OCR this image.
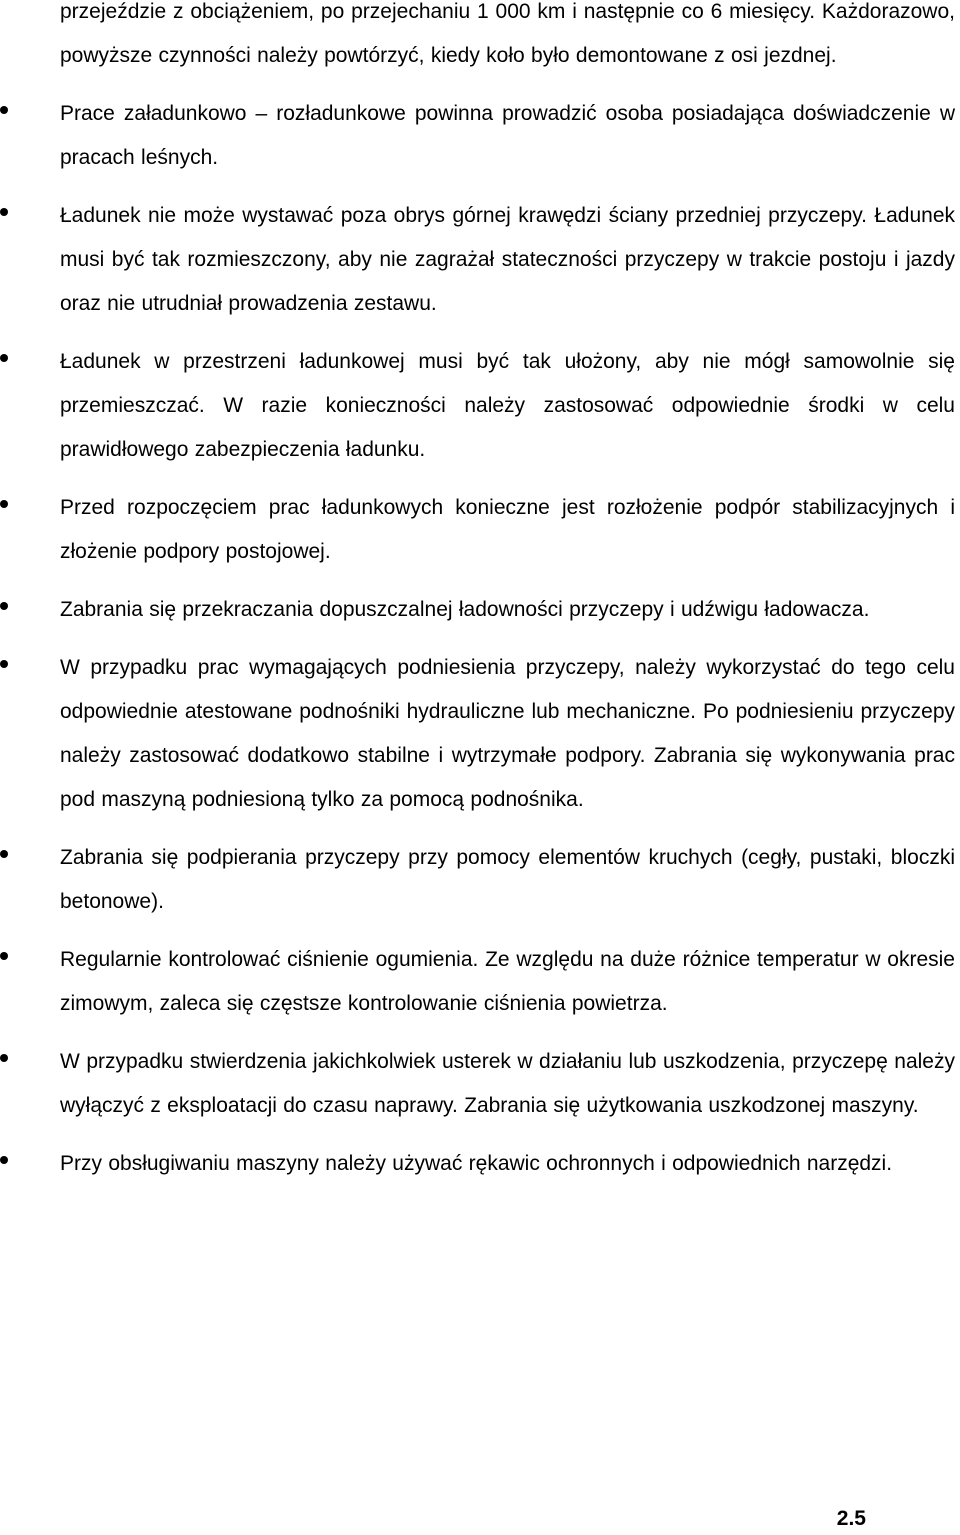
przejeździe z obciążeniem, po przejechaniu 1 000 km i następnie co 6 miesięcy. Każdorazowo, powyższe czynności należy powtórzyć, kiedy koło było demontowane z osi jezdnej.

Prace załadunkowo – rozładunkowe powinna prowadzić osoba posiadająca doświadczenie w pracach leśnych.

Ładunek nie może wystawać poza obrys górnej krawędzi ściany przedniej przyczepy. Ładunek musi być tak rozmieszczony, aby nie zagrażał stateczności przyczepy w trakcie postoju i jazdy oraz nie utrudniał prowadzenia zestawu.

Ładunek w przestrzeni ładunkowej musi być tak ułożony, aby nie mógł samowolnie się przemieszczać. W razie konieczności należy zastosować odpowiednie środki w celu prawidłowego zabezpieczenia ładunku.

Przed rozpoczęciem prac ładunkowych konieczne jest rozłożenie podpór stabilizacyjnych i złożenie podpory postojowej.

Zabrania się przekraczania dopuszczalnej ładowności przyczepy i udźwigu ładowacza.

W przypadku prac wymagających podniesienia przyczepy, należy wykorzystać do tego celu odpowiednie atestowane podnośniki hydrauliczne lub mechaniczne. Po podniesieniu przyczepy należy zastosować dodatkowo stabilne i wytrzymałe podpory. Zabrania się wykonywania prac pod maszyną podniesioną tylko za pomocą podnośnika.

Zabrania się podpierania przyczepy przy pomocy elementów kruchych (cegły, pustaki, bloczki betonowe).

Regularnie kontrolować ciśnienie ogumienia. Ze względu na duże różnice temperatur w okresie zimowym, zaleca się częstsze kontrolowanie ciśnienia powietrza.

W przypadku stwierdzenia jakichkolwiek usterek w działaniu lub uszkodzenia, przyczepę należy wyłączyć z eksploatacji do czasu naprawy. Zabrania się użytkowania uszkodzonej maszyny.

Przy obsługiwaniu maszyny należy używać rękawic ochronnych i odpowiednich narzędzi.

2.5
